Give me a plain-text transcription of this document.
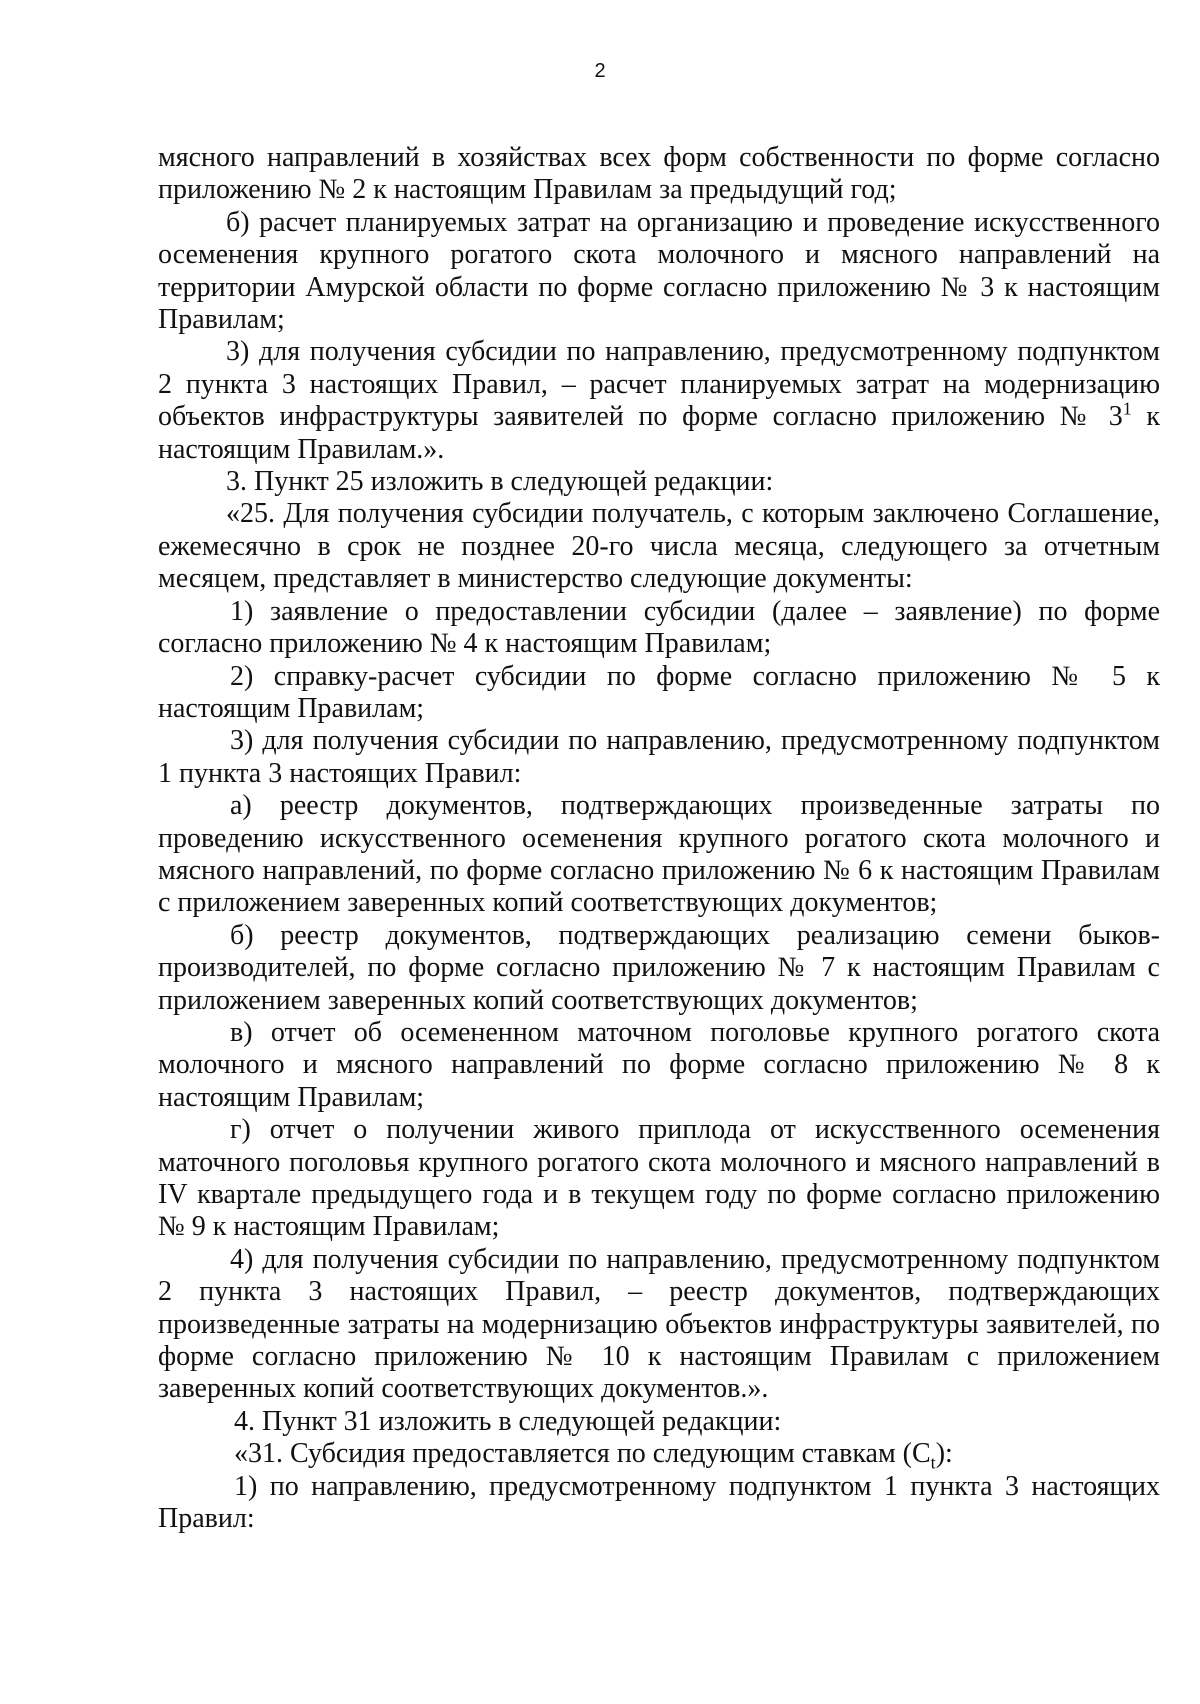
2

мясного направлений в хозяйствах всех форм собственности по форме согласно приложению № 2 к настоящим Правилам за предыдущий год;

б) расчет планируемых затрат на организацию и проведение искусственного осеменения крупного рогатого скота молочного и мясного направлений на территории Амурской области по форме согласно приложению № 3 к настоящим Правилам;

3) для получения субсидии по направлению, предусмотренному подпунктом 2 пункта 3 настоящих Правил, – расчет планируемых затрат на модернизацию объектов инфраструктуры заявителей по форме согласно приложению № $3^1$ к настоящим Правилам.».

3. Пункт 25 изложить в следующей редакции:

«25. Для получения субсидии получатель, с которым заключено Соглашение, ежемесячно в срок не позднее 20-го числа месяца, следующего за отчетным месяцем, представляет в министерство следующие документы:

1) заявление о предоставлении субсидии (далее – заявление) по форме согласно приложению № 4 к настоящим Правилам;

2) справку-расчет субсидии по форме согласно приложению № 5 к настоящим Правилам;

3) для получения субсидии по направлению, предусмотренному подпунктом 1 пункта 3 настоящих Правил:

а) реестр документов, подтверждающих произведенные затраты по проведению искусственного осеменения крупного рогатого скота молочного и мясного направлений, по форме согласно приложению № 6 к настоящим Правилам с приложением заверенных копий соответствующих документов;

б) реестр документов, подтверждающих реализацию семени быков-производителей, по форме согласно приложению № 7 к настоящим Правилам с приложением заверенных копий соответствующих документов;

в) отчет об осемененном маточном поголовье крупного рогатого скота молочного и мясного направлений по форме согласно приложению № 8 к настоящим Правилам;

г) отчет о получении живого приплода от искусственного осеменения маточного поголовья крупного рогатого скота молочного и мясного направлений в IV квартале предыдущего года и в текущем году по форме согласно приложению № 9 к настоящим Правилам;

4) для получения субсидии по направлению, предусмотренному подпунктом 2 пункта 3 настоящих Правил, – реестр документов, подтверждающих произведенные затраты на модернизацию объектов инфраструктуры заявителей, по форме согласно приложению № 10 к настоящим Правилам с приложением заверенных копий соответствующих документов.».

4. Пункт 31 изложить в следующей редакции:

«31. Субсидия предоставляется по следующим ставкам $(C_t)$:

1) по направлению, предусмотренному подпунктом 1 пункта 3 настоящих Правил:
